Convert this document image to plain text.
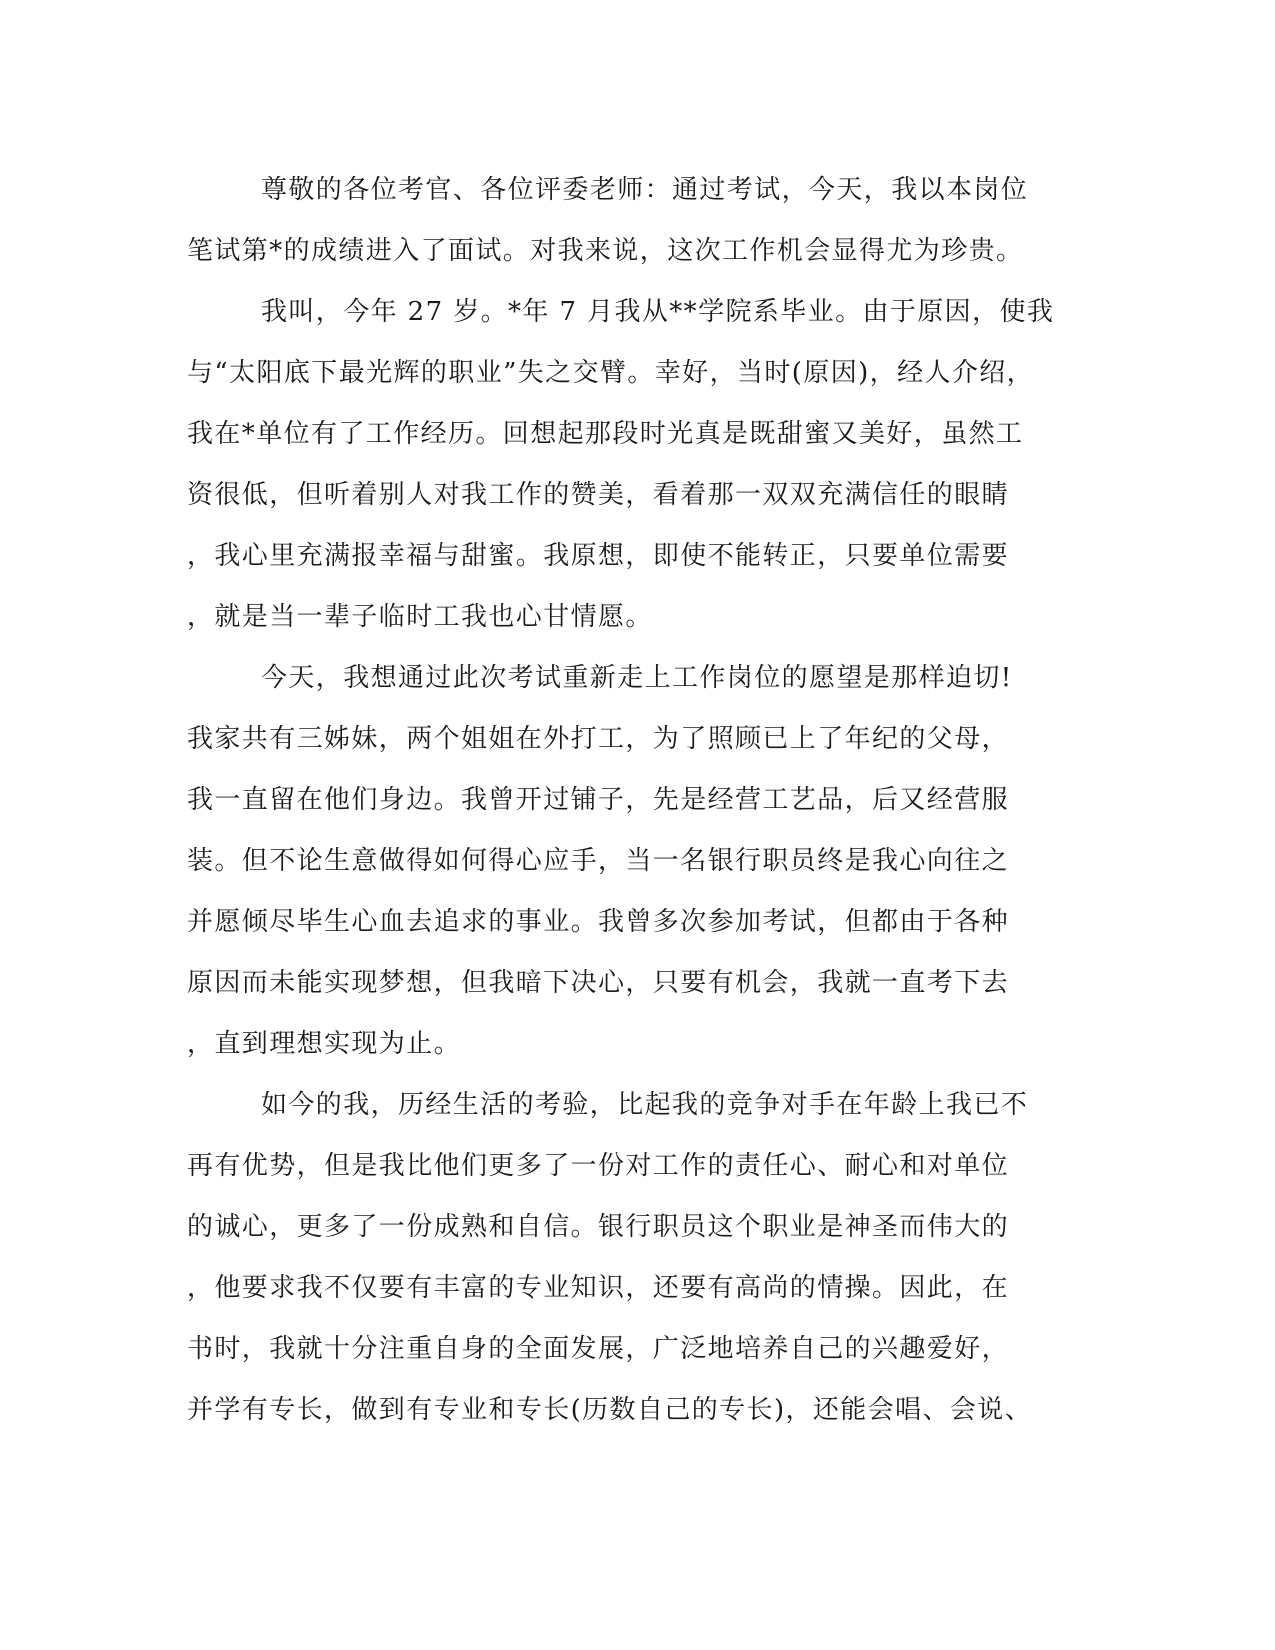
尊敬的各位考官、各位评委老师：通过考试，今天，我以本岗位
笔试第*的成绩进入了面试。对我来说，这次工作机会显得尤为珍贵。
我叫，今年 27 岁。*年 7 月我从**学院系毕业。由于原因，使我
与“太阳底下最光辉的职业”失之交臂。幸好，当时(原因)，经人介绍，
我在*单位有了工作经历。回想起那段时光真是既甜蜜又美好，虽然工
资很低，但听着别人对我工作的赞美，看着那一双双充满信任的眼睛
，我心里充满报幸福与甜蜜。我原想，即使不能转正，只要单位需要
，就是当一辈子临时工我也心甘情愿。
今天，我想通过此次考试重新走上工作岗位的愿望是那样迫切!
我家共有三姊妹，两个姐姐在外打工，为了照顾已上了年纪的父母，
我一直留在他们身边。我曾开过铺子，先是经营工艺品，后又经营服
装。但不论生意做得如何得心应手，当一名银行职员终是我心向往之
并愿倾尽毕生心血去追求的事业。我曾多次参加考试，但都由于各种
原因而未能实现梦想，但我暗下决心，只要有机会，我就一直考下去
，直到理想实现为止。
如今的我，历经生活的考验，比起我的竞争对手在年龄上我已不
再有优势，但是我比他们更多了一份对工作的责任心、耐心和对单位
的诚心，更多了一份成熟和自信。银行职员这个职业是神圣而伟大的
，他要求我不仅要有丰富的专业知识，还要有高尚的情操。因此，在
书时，我就十分注重自身的全面发展，广泛地培养自己的兴趣爱好，
并学有专长，做到有专业和专长(历数自己的专长)，还能会唱、会说、
